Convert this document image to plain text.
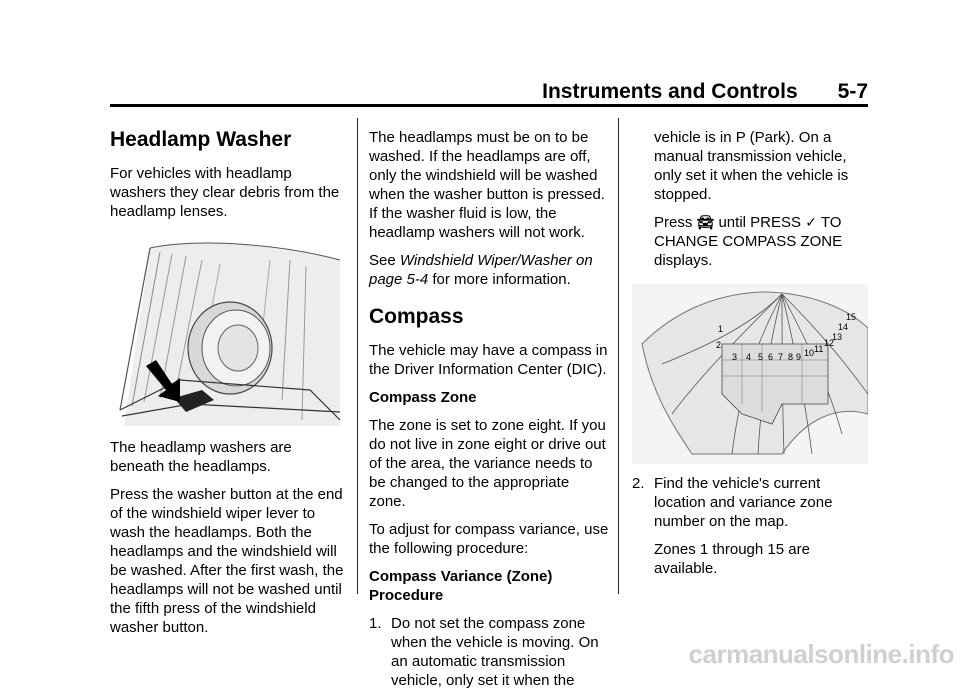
Instruments and Controls 5-7
Headlamp Washer

For vehicles with headlamp washers they clear debris from the headlamp lenses.

The headlamp washers are beneath the headlamps.

Press the washer button at the end of the windshield wiper lever to wash the headlamps. Both the headlamps and the windshield will be washed. After the first wash, the headlamps will not be washed until the fifth press of the windshield washer button.

The headlamps must be on to be washed. If the headlamps are off, only the windshield will be washed when the washer button is pressed. If the washer fluid is low, the headlamp washers will not work.

See Windshield Wiper/Washer on page 5-4 for more information.

Compass

The vehicle may have a compass in the Driver Information Center (DIC).

Compass Zone

The zone is set to zone eight. If you do not live in zone eight or drive out of the area, the variance needs to be changed to the appropriate zone.

To adjust for compass variance, use the following procedure:

Compass Variance (Zone) Procedure

1. Do not set the compass zone when the vehicle is moving. On an automatic transmission vehicle, only set it when the

vehicle is in P (Park). On a manual transmission vehicle, only set it when the vehicle is stopped.

Press 🚘︎ until PRESS ✓ TO CHANGE COMPASS ZONE displays.

1
2
3 4 5 6 7 8 9 10 11
12
13
14
15
2. Find the vehicle's current location and variance zone number on the map.

Zones 1 through 15 are available.

carmanualsonline.info
